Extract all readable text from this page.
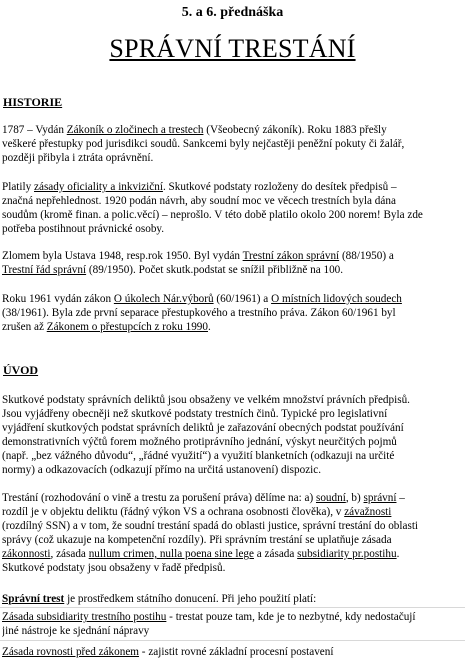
5. a 6. přednáška
SPRÁVNÍ TRESTÁNÍ
HISTORIE
1787 – Vydán Zákoník o zločinech a trestech (Všeobecný zákoník). Roku 1883 přešly
veškeré přestupky pod jurisdikci soudů. Sankcemi byly nejčastěji peněžní pokuty či žalář,
později přibyla i ztráta oprávnění.
Platily zásady oficiality a inkviziční. Skutkové podstaty rozloženy do desítek předpisů –
značná nepřehlednost. 1920 podán návrh, aby soudní moc ve věcech trestních byla dána
soudům (kromě finan. a polic.věcí) – neprošlo. V této době platilo okolo 200 norem! Byla zde
potřeba postihnout právnické osoby.
Zlomem byla Ustava 1948, resp.rok 1950. Byl vydán Trestní zákon správní (88/1950) a
Trestní řád správní (89/1950). Počet skutk.podstat se snížil přibližně na 100.
Roku 1961 vydán zákon O úkolech Nár.výborů (60/1961) a O místních lidových soudech
(38/1961). Byla zde první separace přestupkového a trestního práva. Zákon 60/1961 byl
zrušen až Zákonem o přestupcích z roku 1990.
ÚVOD
Skutkové podstaty správních deliktů jsou obsaženy ve velkém množství právních předpisů.
Jsou vyjádřeny obecněji než skutkové podstaty trestních činů. Typické pro legislativní
vyjádření skutkových podstat správních deliktů je zařazování obecných podstat používání
demonstrativních výčtů forem možného protiprávního jednání, výskyt neurčitých pojmů
(např. „bez vážného důvodu“, „řádné využití“) a využití blanketních (odkazuji na určité
normy) a odkazovacích (odkazují přímo na určitá ustanovení) dispozic.
Trestání (rozhodování o vině a trestu za porušení práva) dělíme na: a) soudní, b) správní –
rozdíl je v objektu deliktu (řádný výkon VS a ochrana osobnosti člověka), v závažnosti
(rozdílný SSN) a v tom, že soudní trestání spadá do oblasti justice, správní trestání do oblasti
správy (což ukazuje na kompetenční rozdíly). Při správním trestání se uplatňuje zásada
zákonnosti, zásada nullum crimen, nulla poena sine lege a zásada subsidiarity pr.postihu.
Skutkové podstaty jsou obsaženy v řadě předpisů.
Správní trest je prostředkem státního donucení. Při jeho použití platí:
Zásada subsidiarity trestního postihu - trestat pouze tam, kde je to nezbytné, kdy nedostačují
jiné nástroje ke sjednání nápravy
Zásada rovnosti před zákonem - zajistit rovné základní procesní postavení
